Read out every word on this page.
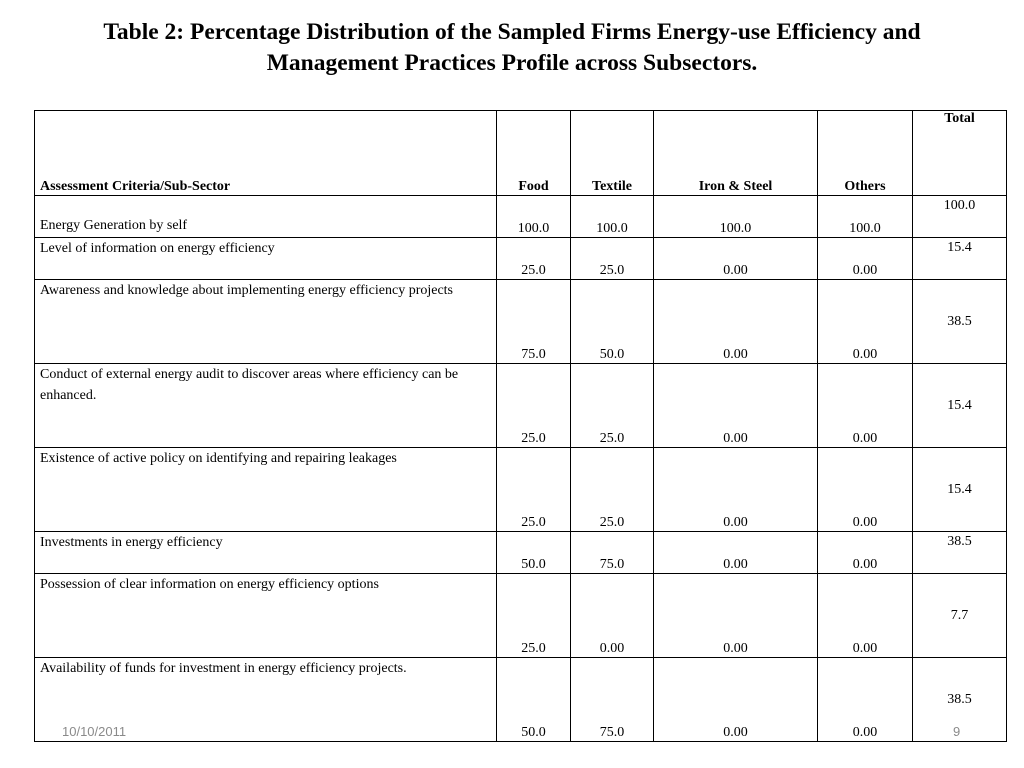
Table 2: Percentage Distribution of the Sampled Firms Energy-use Efficiency and
Management Practices Profile across Subsectors.
Assessment Criteria/Sub-Sector	Food	Textile	Iron & Steel	Others	Total
Energy Generation by self	100.0	100.0	100.0	100.0	100.0
Level of information on energy efficiency	25.0	25.0	0.00	0.00	15.4
Awareness and knowledge about implementing energy efficiency projects	75.0	50.0	0.00	0.00	38.5
Conduct of external energy audit to discover areas where efficiency can be enhanced.	25.0	25.0	0.00	0.00	15.4
Existence of active policy on identifying and repairing leakages	25.0	25.0	0.00	0.00	15.4
Investments in energy efficiency	50.0	75.0	0.00	0.00	38.5
Possession of clear information on energy efficiency options	25.0	0.00	0.00	0.00	7.7
Availability of funds for investment in energy efficiency projects.	50.0	75.0	0.00	0.00	38.5
10/10/2011	9
